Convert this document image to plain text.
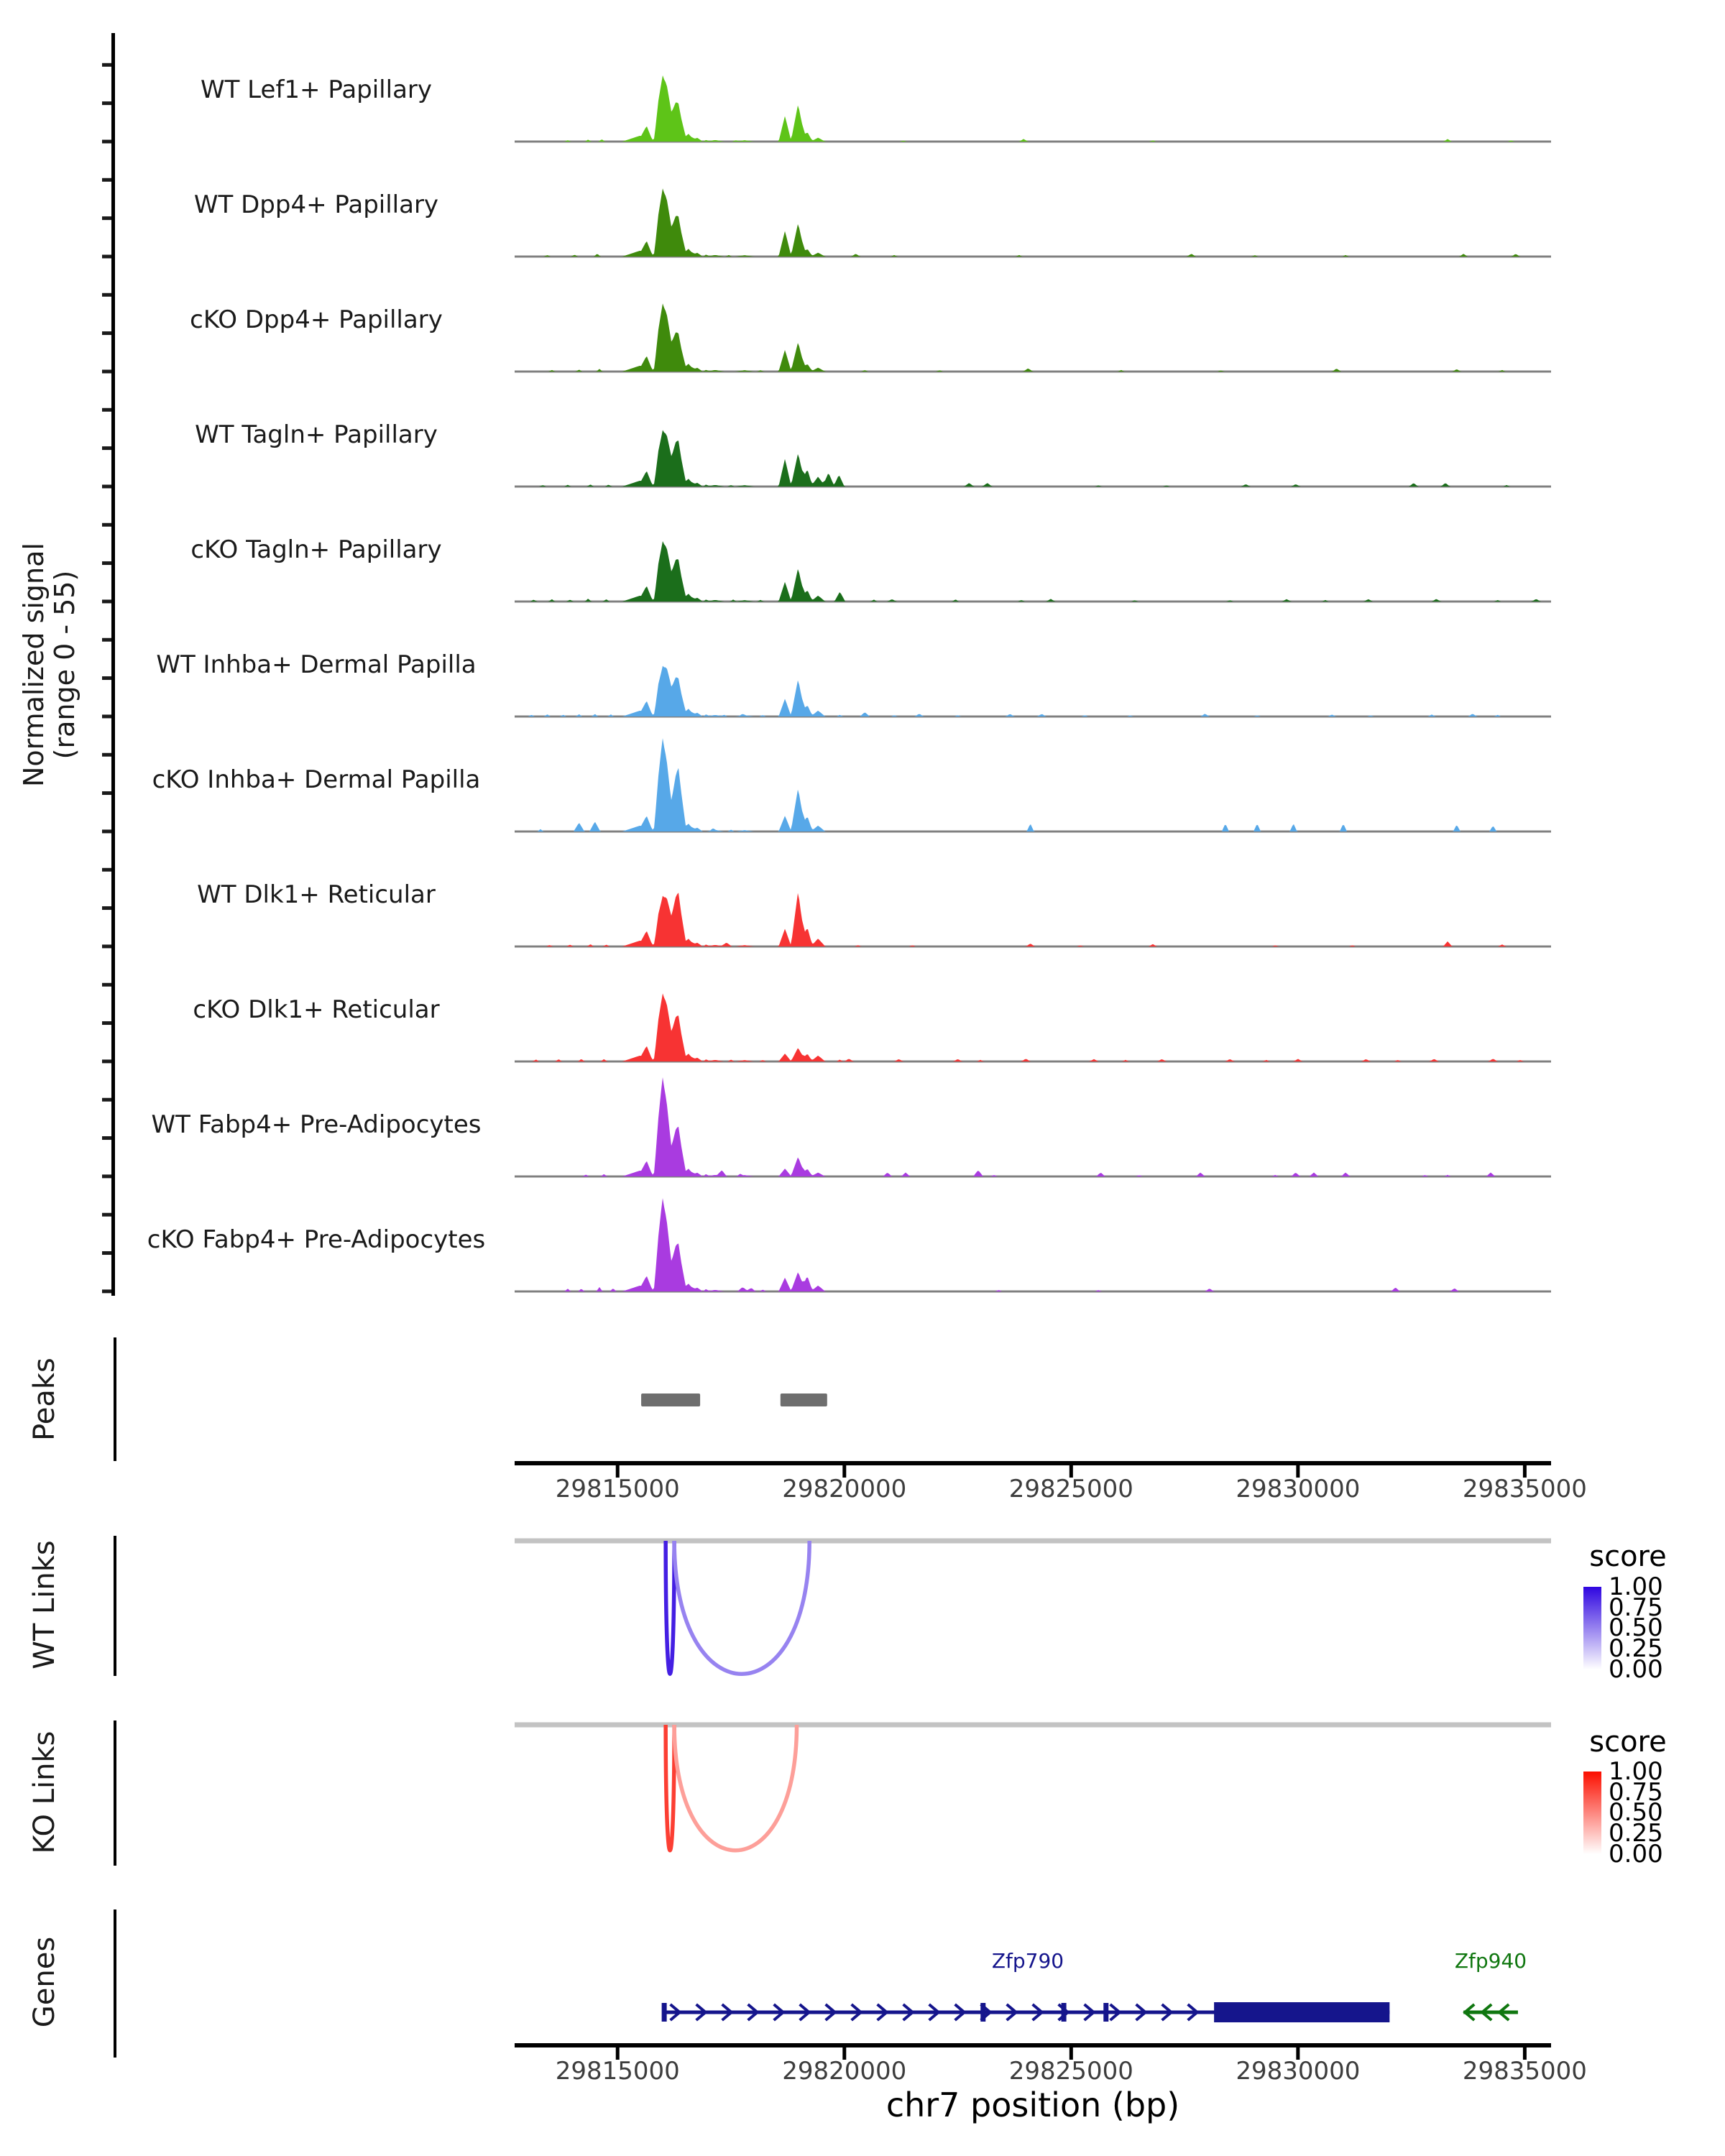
Normalized signal (range 0 - 55)
Peaks
WT Links
KO Links
Genes
score
score
Zfp790	Zfp940
chr7 position (bp)
WT Lef1+ Papillary
WT Dpp4+ Papillary
cKO Dpp4+ Papillary
WT Tagln+ Papillary
cKO Tagln+ Papillary
WT Inhba+ Dermal Papilla
cKO Inhba+ Dermal Papilla
WT Dlk1+ Reticular
cKO Dlk1+ Reticular
WT Fabp4+ Pre-Adipocytes
cKO Fabp4+ Pre-Adipocytes
29815000	29820000	29825000	29830000	29835000
29815000	29820000	29825000	29830000	29835000
1.00
0.75
0.50
0.25
0.00
1.00
0.75
0.50
0.25
0.00
